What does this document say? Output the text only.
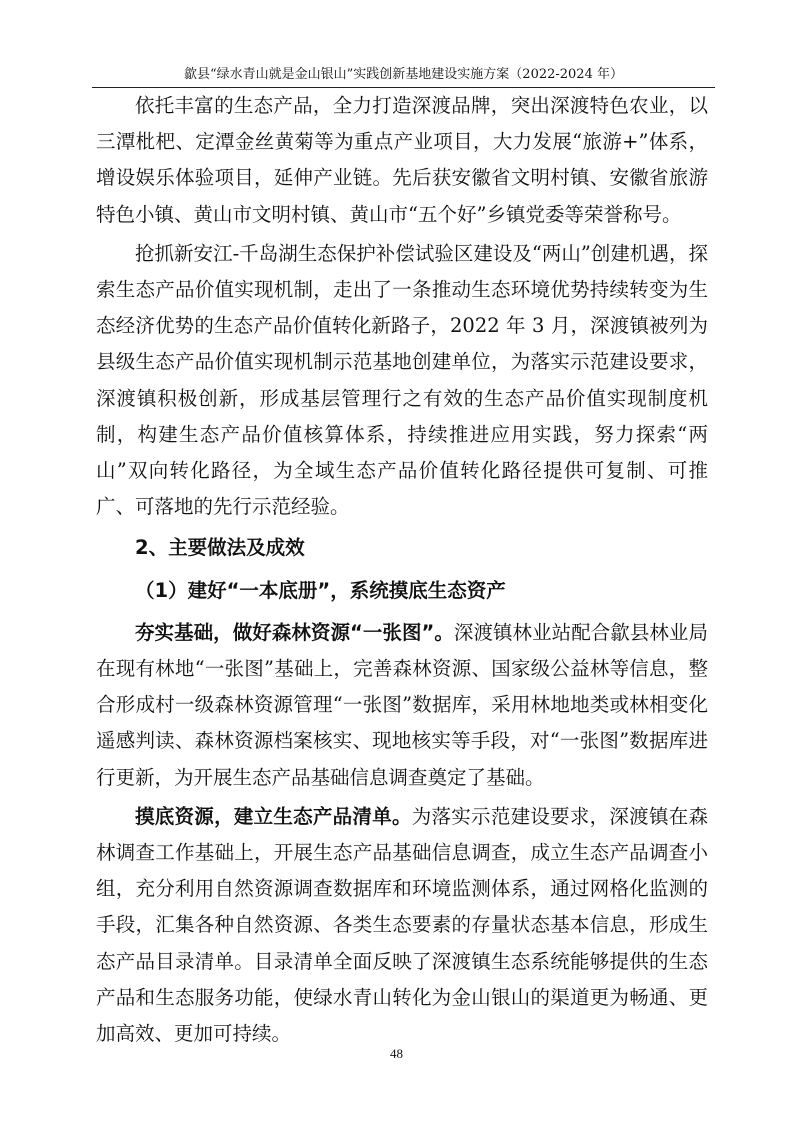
歙县“绿水青山就是金山银山”实践创新基地建设实施方案（2022-2024 年）

依托丰富的生态产品，全力打造深渡品牌，突出深渡特色农业，以三潭枇杷、定潭金丝黄菊等为重点产业项目，大力发展“旅游+”体系，增设娱乐体验项目，延伸产业链。先后获安徽省文明村镇、安徽省旅游特色小镇、黄山市文明村镇、黄山市“五个好”乡镇党委等荣誉称号。

抢抓新安江-千岛湖生态保护补偿试验区建设及“两山”创建机遇，探索生态产品价值实现机制，走出了一条推动生态环境优势持续转变为生态经济优势的生态产品价值转化新路子，2022 年 3 月，深渡镇被列为县级生态产品价值实现机制示范基地创建单位，为落实示范建设要求，深渡镇积极创新，形成基层管理行之有效的生态产品价值实现制度机制，构建生态产品价值核算体系，持续推进应用实践，努力探索“两山”双向转化路径，为全域生态产品价值转化路径提供可复制、可推广、可落地的先行示范经验。

2、主要做法及成效

（1）建好“一本底册”，系统摸底生态资产

夯实基础，做好森林资源“一张图”。深渡镇林业站配合歙县林业局在现有林地“一张图”基础上，完善森林资源、国家级公益林等信息，整合形成村一级森林资源管理“一张图”数据库，采用林地地类或林相变化遥感判读、森林资源档案核实、现地核实等手段，对“一张图”数据库进行更新，为开展生态产品基础信息调查奠定了基础。

摸底资源，建立生态产品清单。为落实示范建设要求，深渡镇在森林调查工作基础上，开展生态产品基础信息调查，成立生态产品调查小组，充分利用自然资源调查数据库和环境监测体系，通过网格化监测的手段，汇集各种自然资源、各类生态要素的存量状态基本信息，形成生态产品目录清单。目录清单全面反映了深渡镇生态系统能够提供的生态产品和生态服务功能，使绿水青山转化为金山银山的渠道更为畅通、更加高效、更加可持续。

48
